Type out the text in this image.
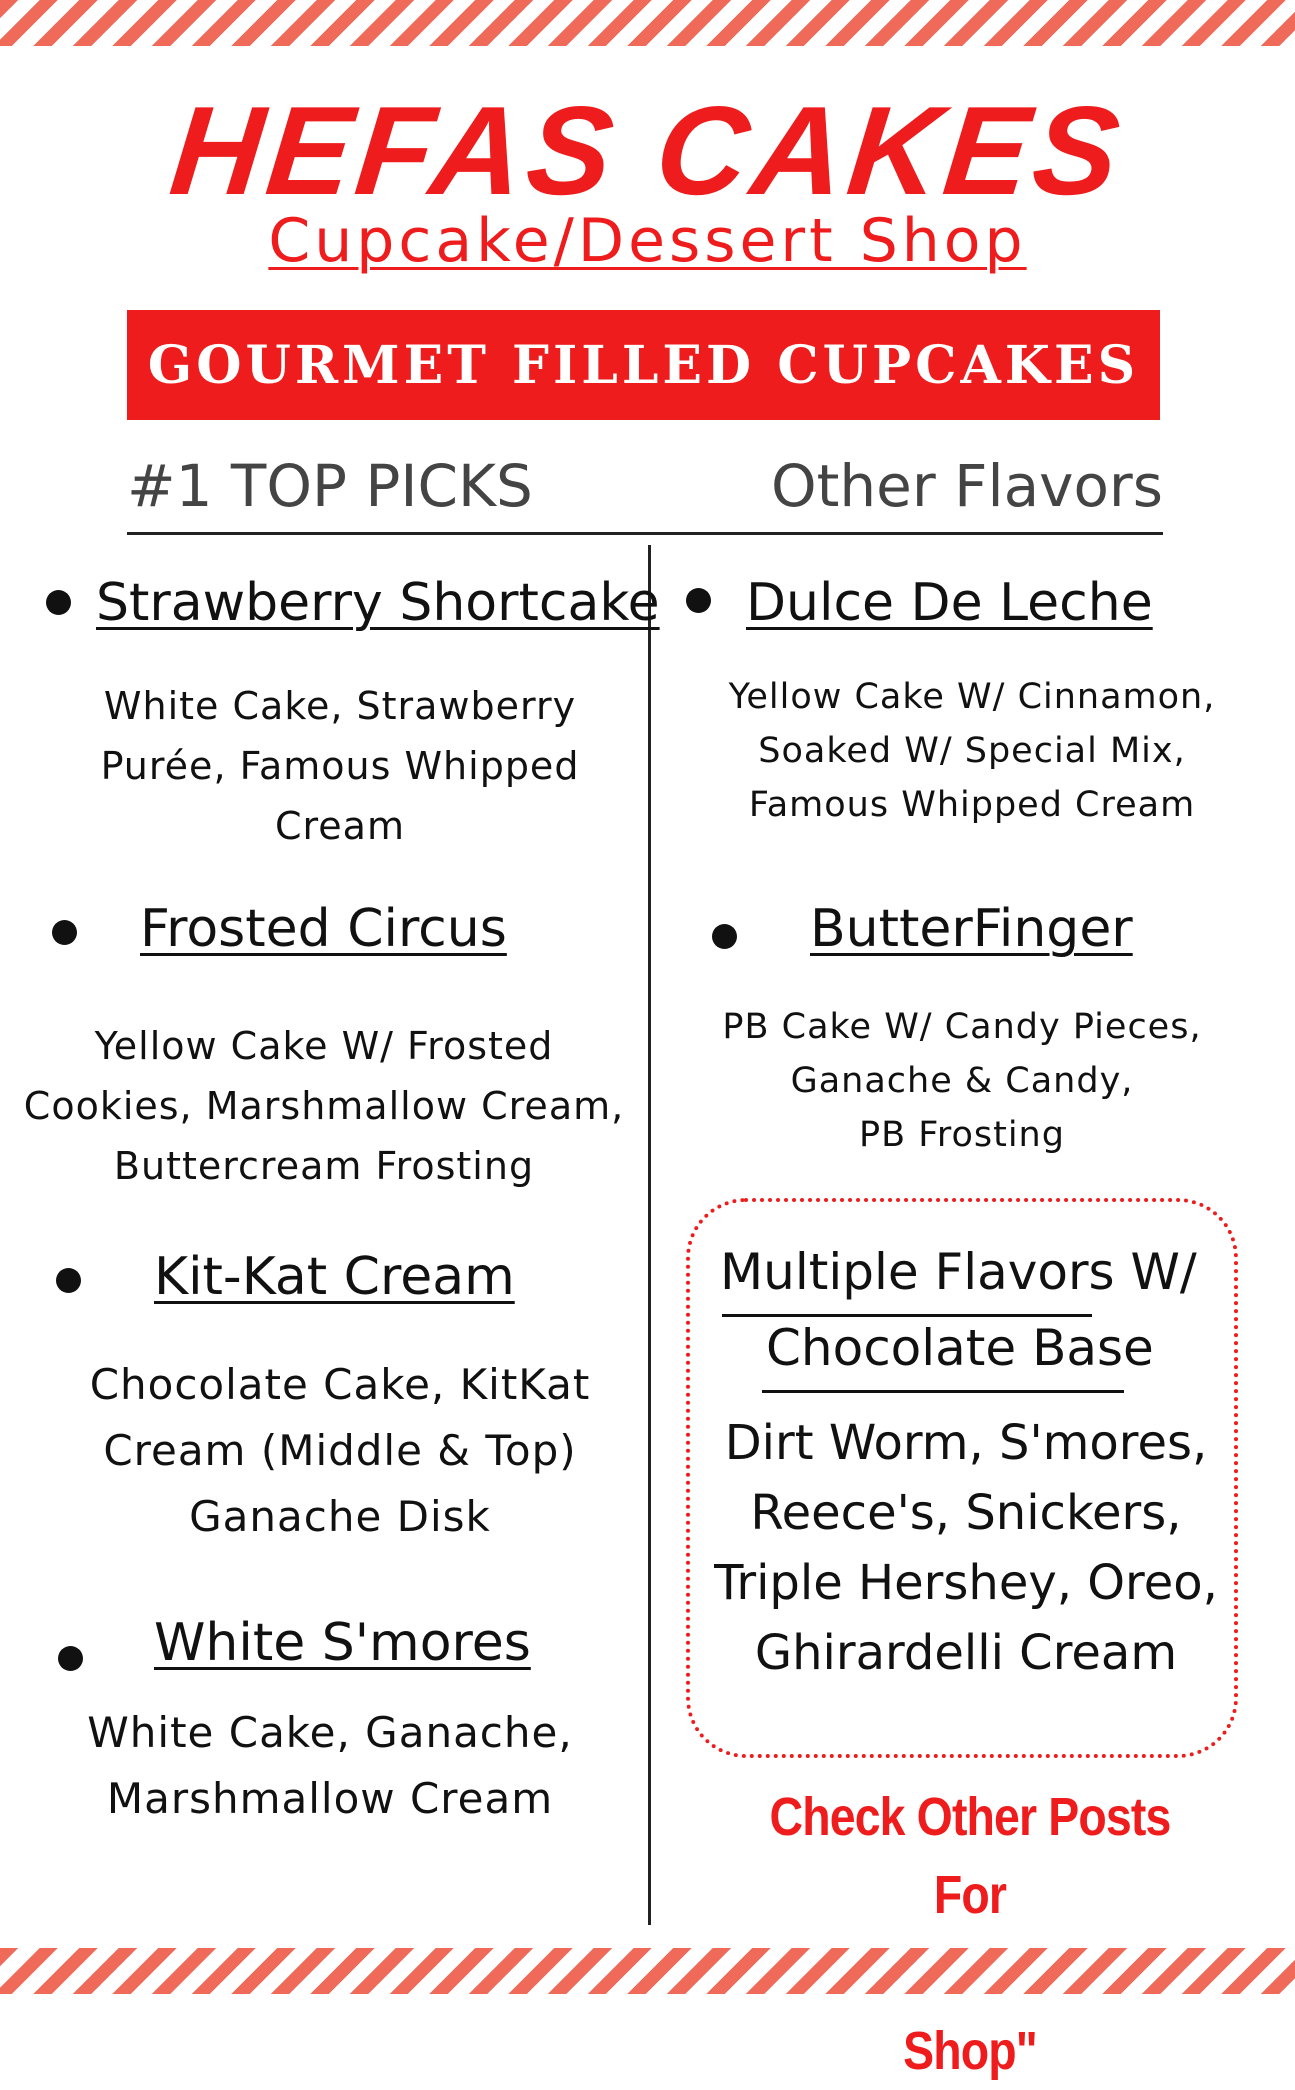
HEFAS CAKES
Cupcake/Dessert Shop
GOURMET FILLED CUPCAKES
#1 TOP PICKS	Other Flavors
Strawberry Shortcake
White Cake, Strawberry
Purée, Famous Whipped
Cream
Frosted Circus
Yellow Cake W/ Frosted
Cookies, Marshmallow Cream,
Buttercream Frosting
Kit-Kat Cream
Chocolate Cake, KitKat
Cream (Middle & Top)
Ganache Disk
White S'mores
White Cake, Ganache,
Marshmallow Cream
Dulce De Leche
Yellow Cake W/ Cinnamon,
Soaked W/ Special Mix,
Famous Whipped Cream
ButterFinger
PB Cake W/ Candy Pieces,
Ganache & Candy,
PB Frosting
Multiple Flavors W/
Chocolate Base
Dirt Worm, S'mores,
Reece's, Snickers,
Triple Hershey, Oreo,
Ghirardelli Cream
Check Other Posts For
Shop"
